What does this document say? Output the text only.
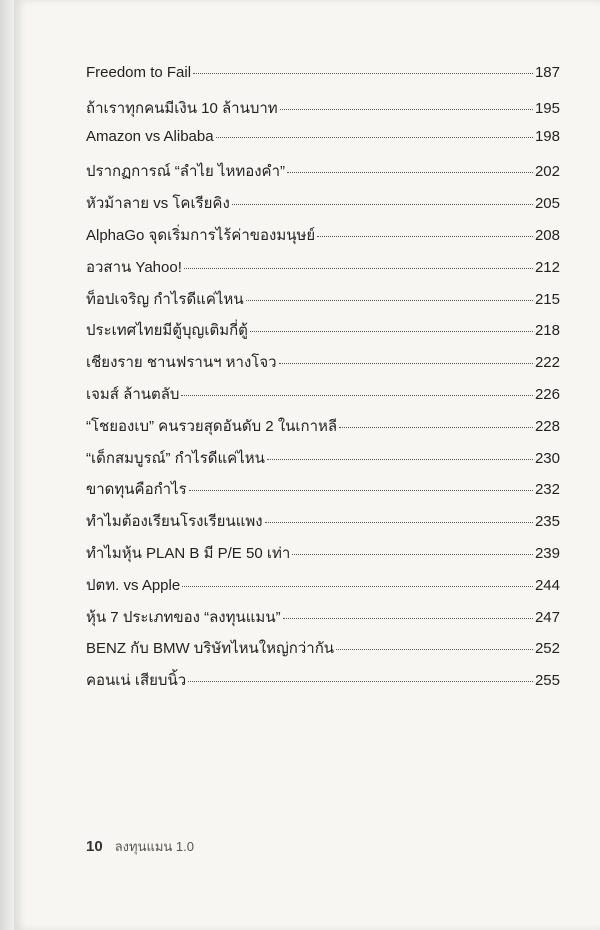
Freedom to Fail	187
ถ้าเราทุกคนมีเงิน 10 ล้านบาท	195
Amazon vs Alibaba	198
ปรากฏการณ์ “ลำไย ไหทองคำ”	202
หัวม้าลาย vs โคเรียคิง	205
AlphaGo จุดเริ่มการไร้ค่าของมนุษย์	208
อวสาน Yahoo!	212
ท็อปเจริญ กำไรดีแค่ไหน	215
ประเทศไทยมีตู้บุญเติมกี่ตู้	218
เชียงราย ชานฟรานฯ หางโจว	222
เจมส์ ล้านตลับ	226
“โชยองเบ” คนรวยสุดอันดับ 2 ในเกาหลี	228
“เด็กสมบูรณ์” กำไรดีแค่ไหน	230
ขาดทุนคือกำไร	232
ทำไมต้องเรียนโรงเรียนแพง	235
ทำไมหุ้น PLAN B มี P/E 50 เท่า	239
ปตท. vs Apple	244
หุ้น 7 ประเภทของ “ลงทุนแมน”	247
BENZ กับ BMW บริษัทไหนใหญ่กว่ากัน	252
คอนเน่ เสียบนิ้ว	255
10 ลงทุนแมน 1.0
